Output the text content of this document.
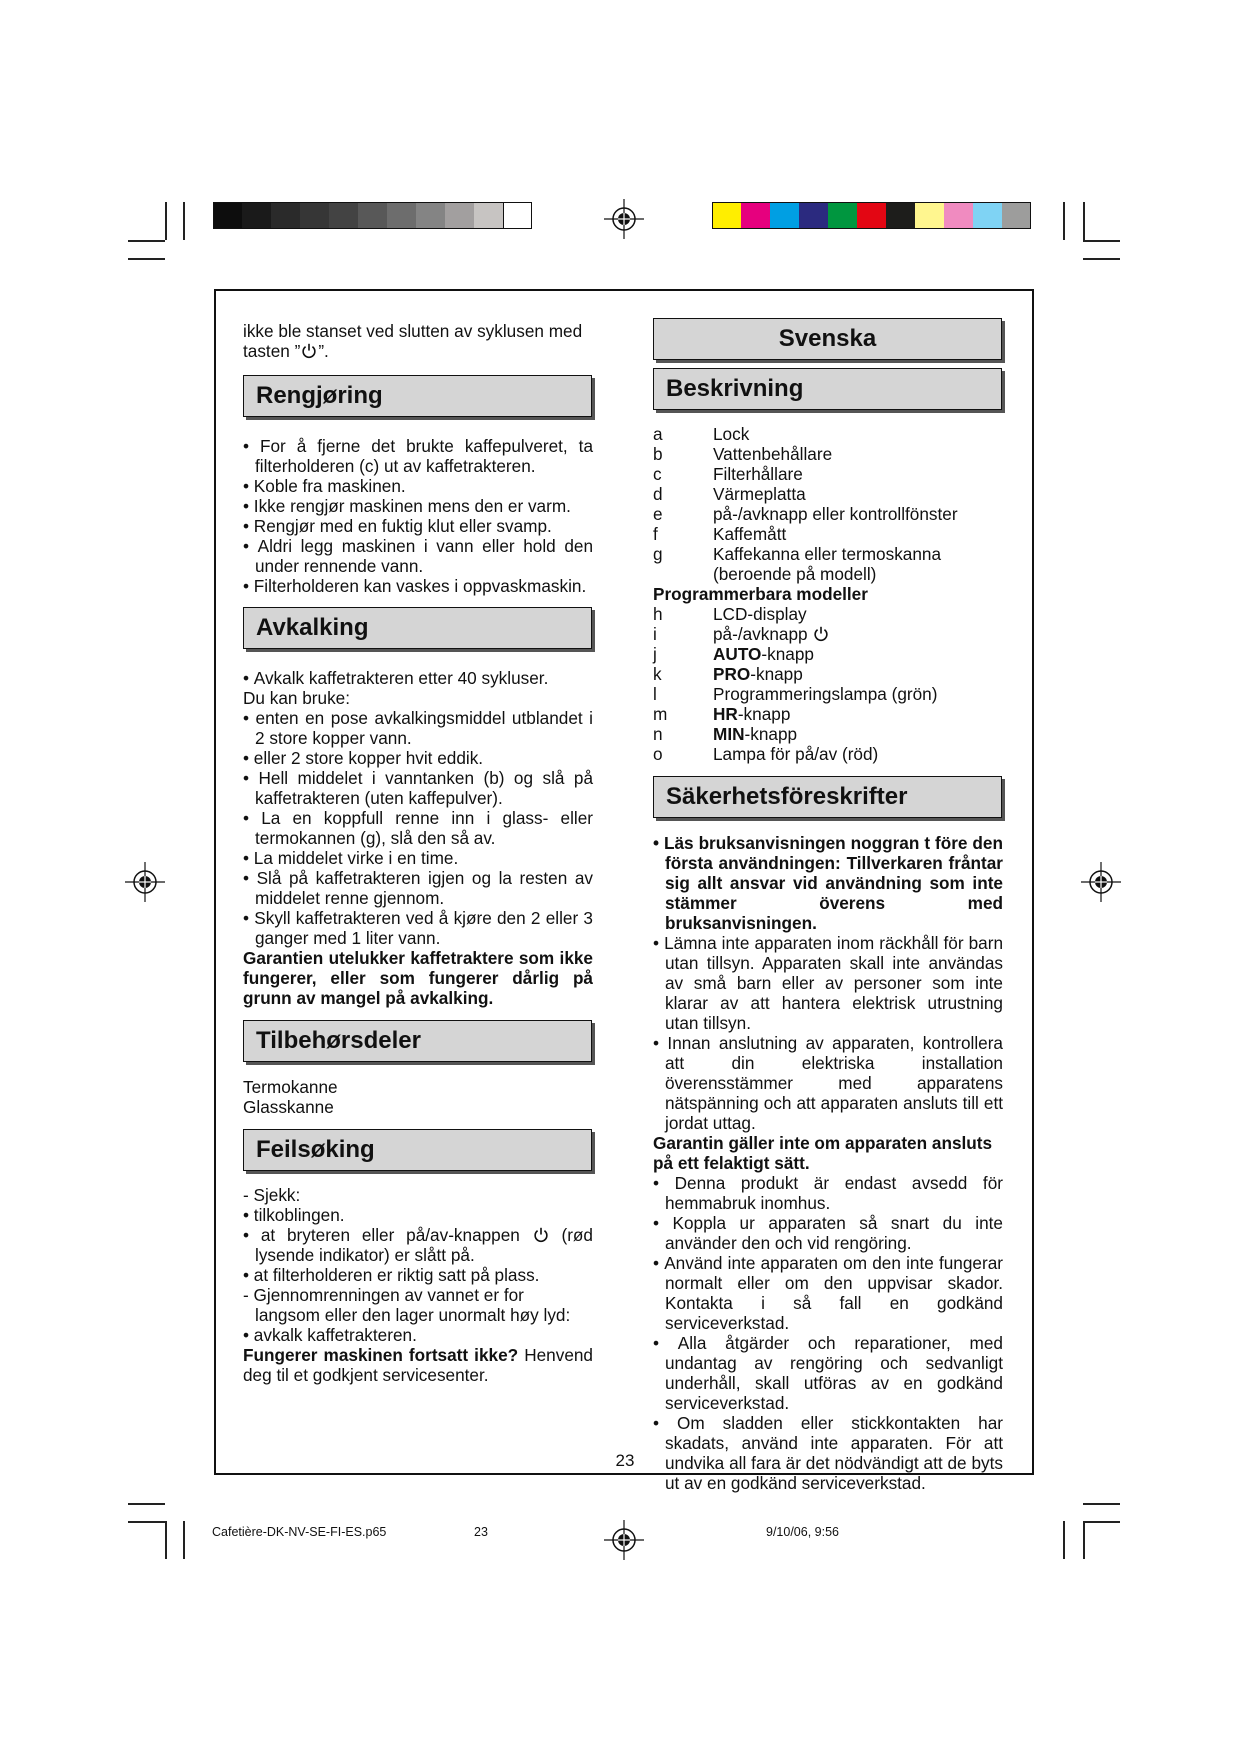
ikke ble stanset ved slutten av syklusen med
tasten ” ”.

Rengjøring

• For å fjerne det brukte kaffepulveret, ta filterholderen (c) ut av kaffetrakteren.

• Koble fra maskinen.

• Ikke rengjør maskinen mens den er varm.

• Rengjør med en fuktig klut eller svamp.

• Aldri legg maskinen i vann eller hold den under rennende vann.

• Filterholderen kan vaskes i oppvaskmaskin.

Avkalking

• Avkalk kaffetrakteren etter 40 sykluser.

Du kan bruke:

• enten en pose avkalkingsmiddel utblandet i 2 store kopper vann.

• eller 2 store kopper hvit eddik.

• Hell middelet i vanntanken (b) og slå på kaffetrakteren (uten kaffepulver).

• La en koppfull renne inn i glass- eller termokannen (g), slå den så av.

• La middelet virke i en time.

• Slå på kaffetrakteren igjen og la resten av middelet renne gjennom.

• Skyll kaffetrakteren ved å kjøre den 2 eller 3 ganger med 1 liter vann.

Garantien utelukker kaffetraktere som ikke fungerer, eller som fungerer dårlig på grunn av mangel på avkalking.

Tilbehørsdeler

Termokanne

Glasskanne

Feilsøking

- Sjekk:

• tilkoblingen.

• at bryteren eller på/av-knappen (rød lysende indikator) er slått på.

• at filterholderen er riktig satt på plass.

- Gjennomrenningen av vannet er for langsom eller den lager unormalt høy lyd:

• avkalk kaffetrakteren.

Fungerer maskinen fortsatt ikke? Henvend deg til et godkjent servicesenter.

Svenska
Beskrivning
a	Lock
b	Vattenbehållare
c	Filterhållare
d	Värmeplatta
e	på-/avknapp eller kontrollfönster
f	Kaffemått
g	Kaffekanna eller termoskanna
(beroende på modell)

Programmerbara modeller

h	LCD-display
i	på-/avknapp
j	AUTO-knapp
k	PRO-knapp
l	Programmeringslampa (grön)
m	HR-knapp
n	MIN-knapp
o	Lampa för på/av (röd)
Säkerhetsföreskrifter

• Läs bruksanvisningen noggran t före den första användningen: Tillverkaren fråntar sig allt ansvar vid användning som inte stämmer överens med bruksanvisningen.

• Lämna inte apparaten inom räckhåll för barn utan tillsyn. Apparaten skall inte användas av små barn eller av personer som inte klarar av att hantera elektrisk utrustning utan tillsyn.

• Innan anslutning av apparaten, kontrollera att din elektriska installation överensstämmer med apparatens nätspänning och att apparaten ansluts till ett jordat uttag.

Garantin gäller inte om apparaten ansluts på ett felaktigt sätt.

• Denna produkt är endast avsedd för hemmabruk inomhus.

• Koppla ur apparaten så snart du inte använder den och vid rengöring.

• Använd inte apparaten om den inte fungerar normalt eller om den uppvisar skador. Kontakta i så fall en godkänd serviceverkstad.

• Alla åtgärder och reparationer, med undantag av rengöring och sedvanligt underhåll, skall utföras av en godkänd serviceverkstad.

• Om sladden eller stickkontakten har skadats, använd inte apparaten. För att undvika all fara är det nödvändigt att de byts ut av en godkänd serviceverkstad.

23
Cafetière-DK-NV-SE-FI-ES.p65	23	9/10/06, 9:56
